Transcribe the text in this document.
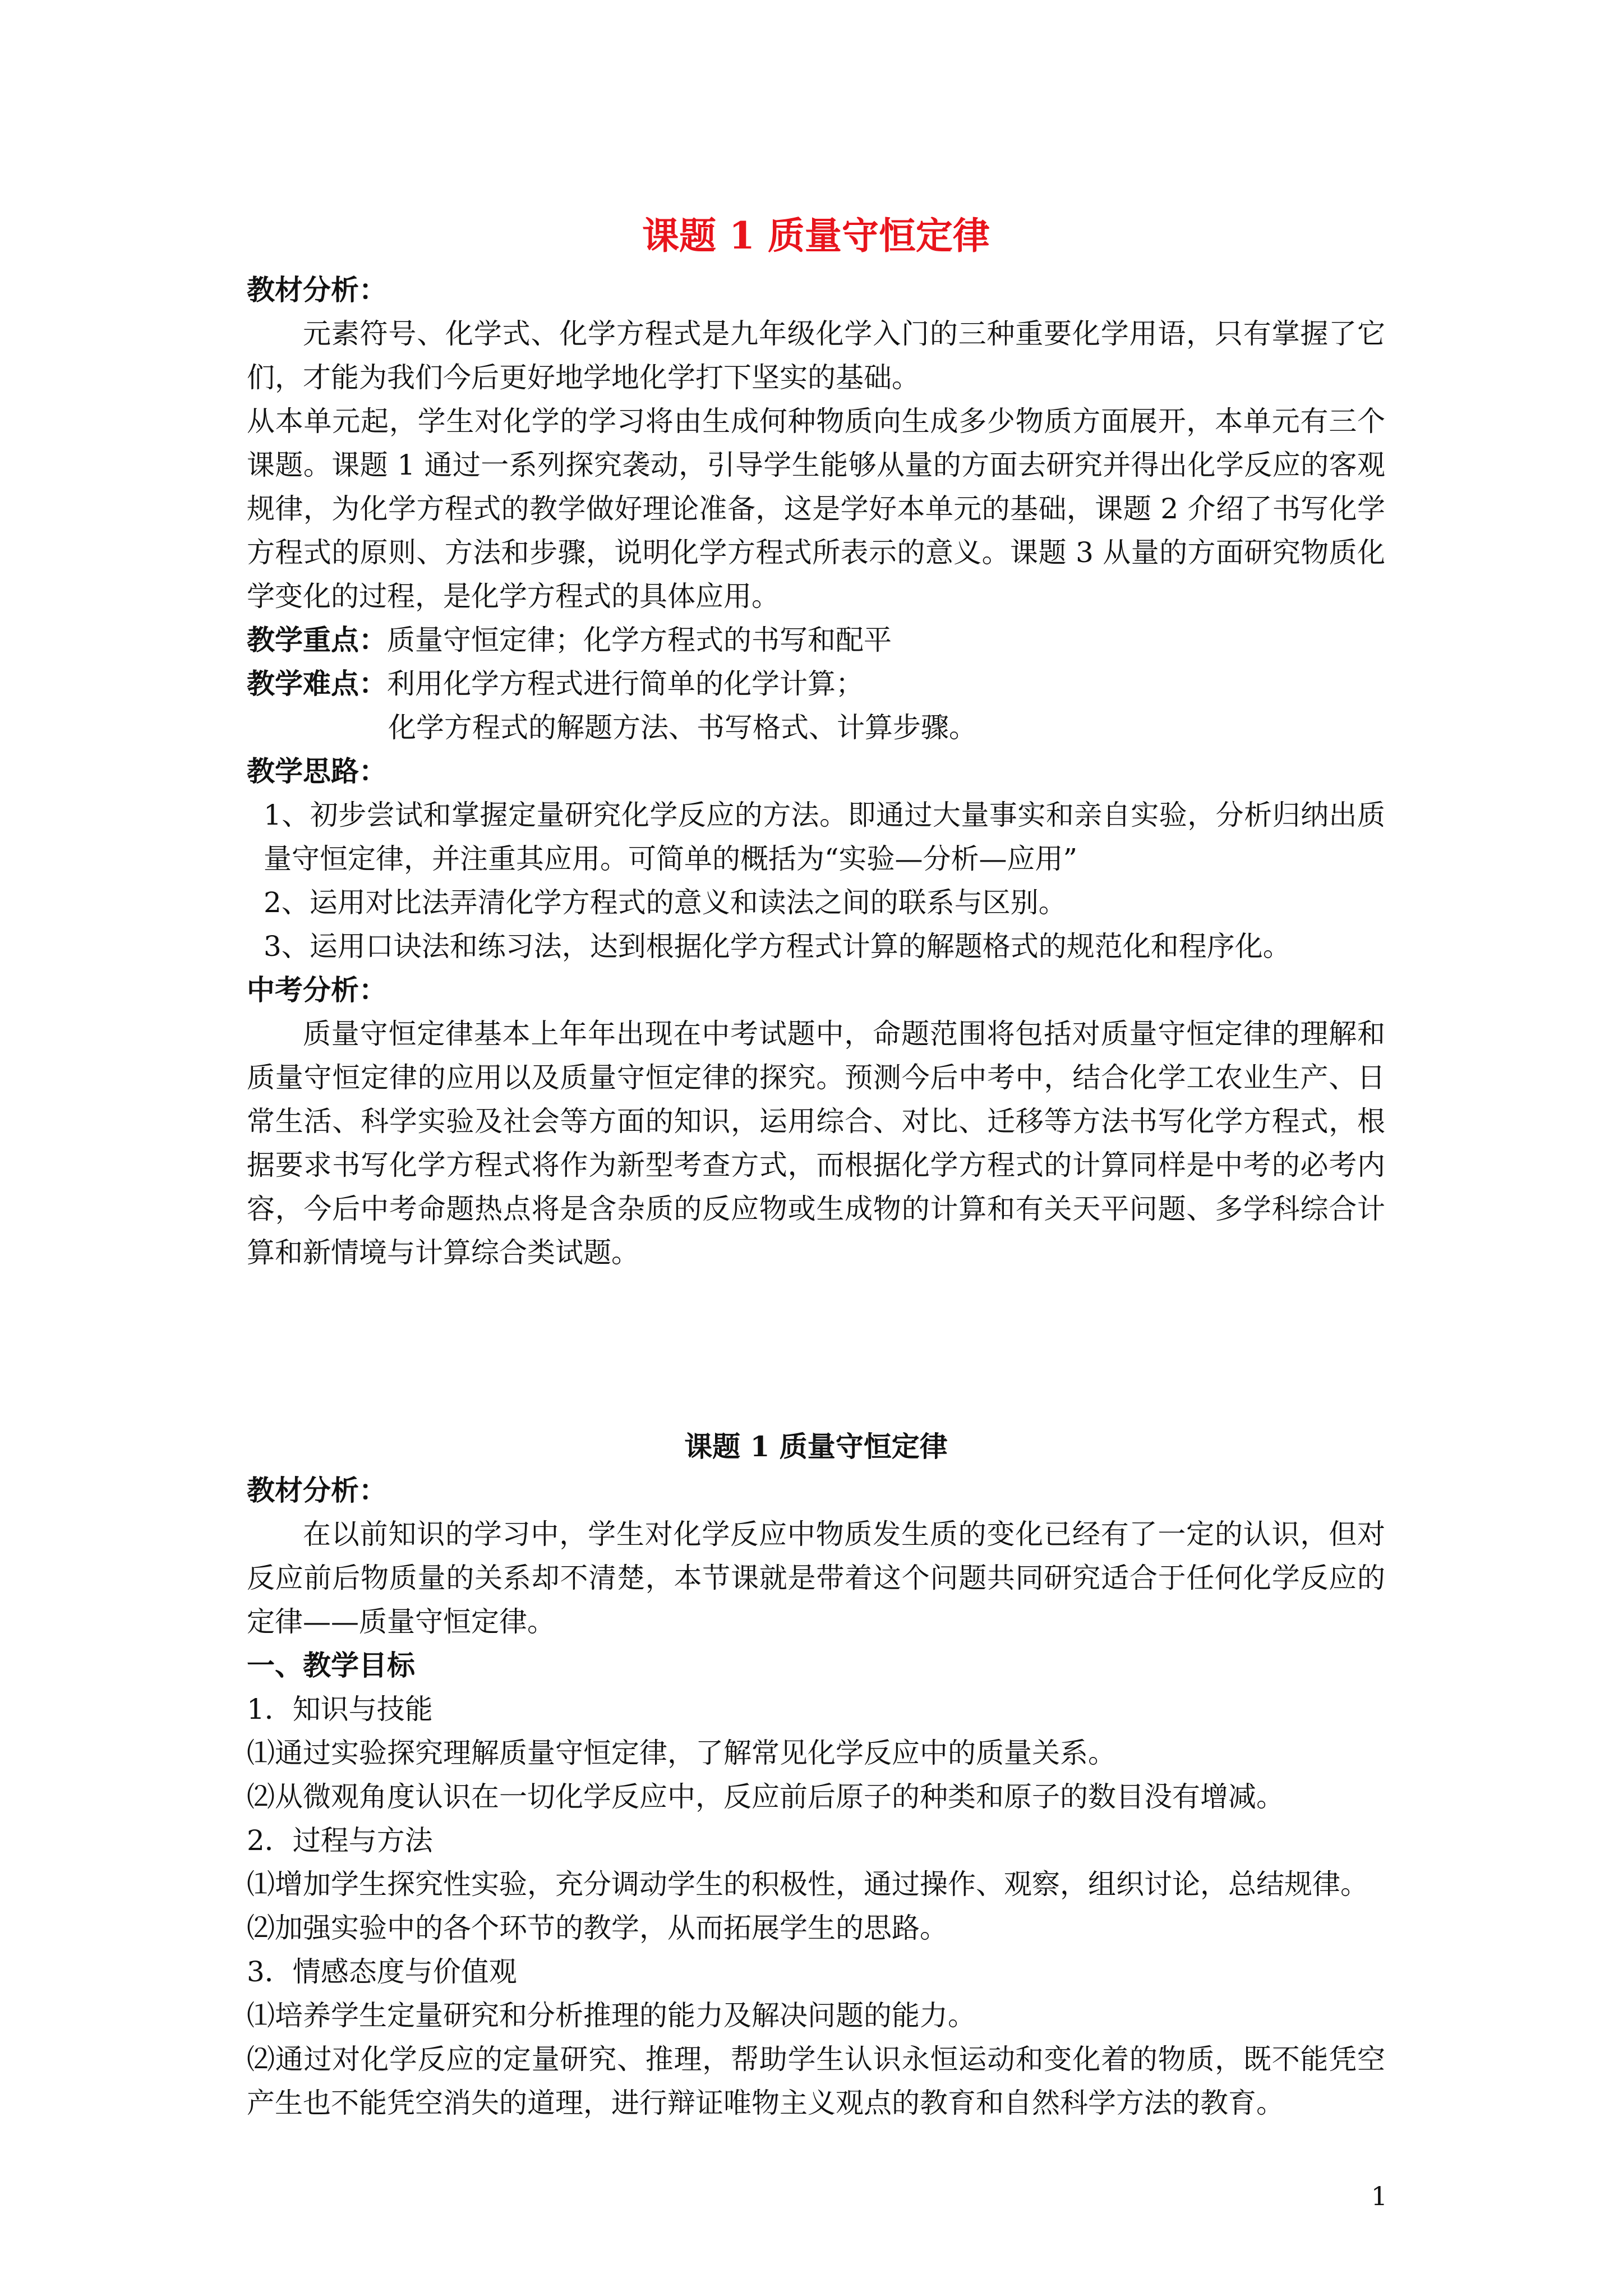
课题 1 质量守恒定律
教材分析：
元素符号、化学式、化学方程式是九年级化学入门的三种重要化学用语，只有掌握了它们，才能为我们今后更好地学地化学打下坚实的基础。
从本单元起，学生对化学的学习将由生成何种物质向生成多少物质方面展开，本单元有三个课题。课题 1 通过一系列探究袭动，引导学生能够从量的方面去研究并得出化学反应的客观规律，为化学方程式的教学做好理论准备，这是学好本单元的基础，课题 2 介绍了书写化学方程式的原则、方法和步骤，说明化学方程式所表示的意义。课题 3 从量的方面研究物质化学变化的过程，是化学方程式的具体应用。
教学重点：质量守恒定律；化学方程式的书写和配平
教学难点：利用化学方程式进行简单的化学计算；
化学方程式的解题方法、书写格式、计算步骤。
教学思路：
1、初步尝试和掌握定量研究化学反应的方法。即通过大量事实和亲自实验，分析归纳出质量守恒定律，并注重其应用。可简单的概括为“实验—分析—应用”
2、运用对比法弄清化学方程式的意义和读法之间的联系与区别。
3、运用口诀法和练习法，达到根据化学方程式计算的解题格式的规范化和程序化。
中考分析：
质量守恒定律基本上年年出现在中考试题中，命题范围将包括对质量守恒定律的理解和质量守恒定律的应用以及质量守恒定律的探究。预测今后中考中，结合化学工农业生产、日常生活、科学实验及社会等方面的知识，运用综合、对比、迁移等方法书写化学方程式，根据要求书写化学方程式将作为新型考查方式，而根据化学方程式的计算同样是中考的必考内容，今后中考命题热点将是含杂质的反应物或生成物的计算和有关天平问题、多学科综合计算和新情境与计算综合类试题。
课题 1 质量守恒定律
教材分析：
在以前知识的学习中，学生对化学反应中物质发生质的变化已经有了一定的认识，但对反应前后物质量的关系却不清楚，本节课就是带着这个问题共同研究适合于任何化学反应的定律——质量守恒定律。
一、教学目标
1．知识与技能
⑴通过实验探究理解质量守恒定律，了解常见化学反应中的质量关系。
⑵从微观角度认识在一切化学反应中，反应前后原子的种类和原子的数目没有增减。
2．过程与方法
⑴增加学生探究性实验，充分调动学生的积极性，通过操作、观察，组织讨论，总结规律。
⑵加强实验中的各个环节的教学，从而拓展学生的思路。
3．情感态度与价值观
⑴培养学生定量研究和分析推理的能力及解决问题的能力。
⑵通过对化学反应的定量研究、推理，帮助学生认识永恒运动和变化着的物质，既不能凭空产生也不能凭空消失的道理，进行辩证唯物主义观点的教育和自然科学方法的教育。
1
